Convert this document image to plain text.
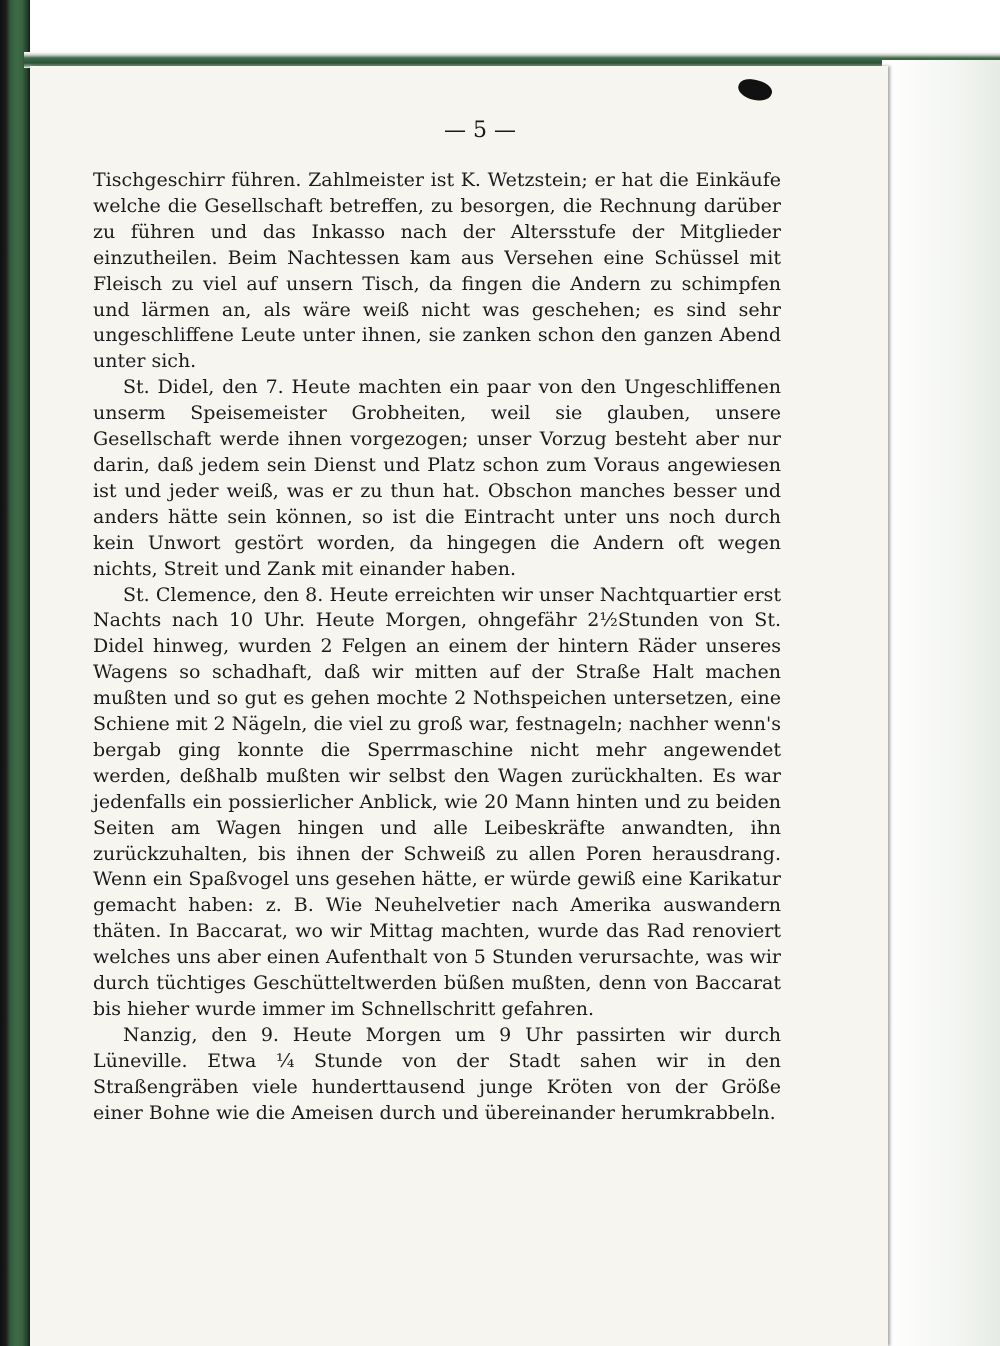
— 5 —

Tischgeschirr führen. Zahlmeister ist K. Wetzstein; er hat die Einkäufe welche die Gesellschaft betreffen, zu besorgen, die Rechnung darüber zu führen und das Inkasso nach der Altersstufe der Mitglieder einzutheilen. Beim Nachtessen kam aus Versehen eine Schüssel mit Fleisch zu viel auf unsern Tisch, da fingen die Andern zu schimpfen und lärmen an, als wäre weiß nicht was geschehen; es sind sehr ungeschliffene Leute unter ihnen, sie zanken schon den ganzen Abend unter sich.

St. Didel, den 7. Heute machten ein paar von den Ungeschliffenen unserm Speisemeister Grobheiten, weil sie glauben, unsere Gesellschaft werde ihnen vorgezogen; unser Vorzug besteht aber nur darin, daß jedem sein Dienst und Platz schon zum Voraus angewiesen ist und jeder weiß, was er zu thun hat. Obschon manches besser und anders hätte sein können, so ist die Eintracht unter uns noch durch kein Unwort gestört worden, da hingegen die Andern oft wegen nichts, Streit und Zank mit einander haben.

St. Clemence, den 8. Heute erreichten wir unser Nachtquartier erst Nachts nach 10 Uhr. Heute Morgen, ohngefähr 2½Stunden von St. Didel hinweg, wurden 2 Felgen an einem der hintern Räder unseres Wagens so schadhaft, daß wir mitten auf der Straße Halt machen mußten und so gut es gehen mochte 2 Nothspeichen untersetzen, eine Schiene mit 2 Nägeln, die viel zu groß war, festnageln; nachher wenn's bergab ging konnte die Sperrmaschine nicht mehr angewendet werden, deßhalb mußten wir selbst den Wagen zurückhalten. Es war jedenfalls ein possierlicher Anblick, wie 20 Mann hinten und zu beiden Seiten am Wagen hingen und alle Leibeskräfte anwandten, ihn zurückzuhalten, bis ihnen der Schweiß zu allen Poren herausdrang. Wenn ein Spaßvogel uns gesehen hätte, er würde gewiß eine Karikatur gemacht haben: z. B. Wie Neuhelvetier nach Amerika auswandern thäten. In Baccarat, wo wir Mittag machten, wurde das Rad renoviert welches uns aber einen Aufenthalt von 5 Stunden verursachte, was wir durch tüchtiges Geschütteltwerden büßen mußten, denn von Baccarat bis hieher wurde immer im Schnellschritt gefahren.

Nanzig, den 9. Heute Morgen um 9 Uhr passirten wir durch Lüneville. Etwa ¼ Stunde von der Stadt sahen wir in den Straßengräben viele hunderttausend junge Kröten von der Größe einer Bohne wie die Ameisen durch und übereinander herumkrabbeln.
